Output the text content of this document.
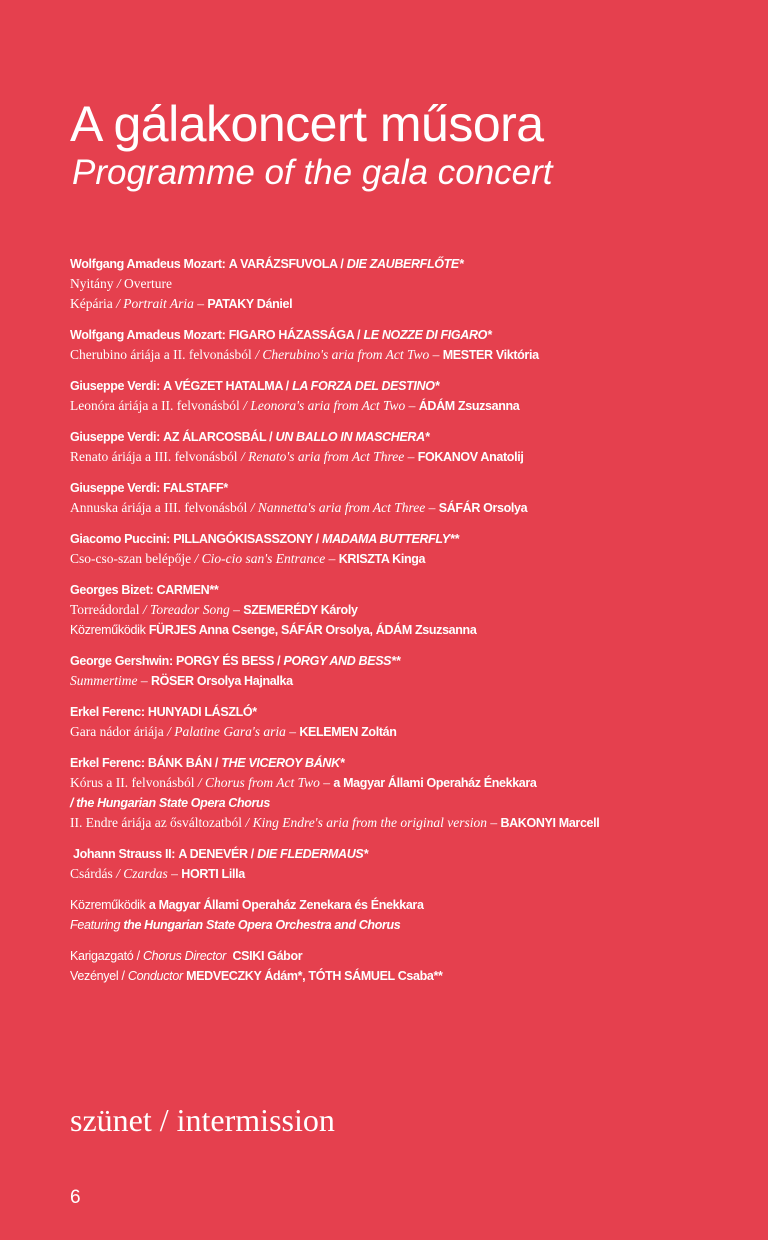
A gálakoncert műsora
Programme of the gala concert
Wolfgang Amadeus Mozart: A VARÁZSFUVOLA / DIE ZAUBERFLŐTE*
Nyitány / Overture
Képária / Portrait Aria – PATAKY Dániel
Wolfgang Amadeus Mozart: FIGARO HÁZASSÁGA / LE NOZZE DI FIGARO*
Cherubino áriája a II. felvonásból / Cherubino's aria from Act Two – MESTER Viktória
Giuseppe Verdi: A VÉGZET HATALMA / LA FORZA DEL DESTINO*
Leonóra áriája a II. felvonásból / Leonora's aria from Act Two – ÁDÁM Zsuzsanna
Giuseppe Verdi: AZ ÁLARCOSBÁL / UN BALLO IN MASCHERA*
Renato áriája a III. felvonásból / Renato's aria from Act Three – FOKANOV Anatolij
Giuseppe Verdi: FALSTAFF*
Annuska áriája a III. felvonásból / Nannetta's aria from Act Three – SÁFÁR Orsolya
Giacomo Puccini: PILLANGÓKISASSZONY / MADAMA BUTTERFLY**
Cso-cso-szan belépője / Cio-cio san's Entrance – KRISZTA Kinga
Georges Bizet: CARMEN**
Torreádordal / Toreador Song – SZEMERÉDY Károly
Közreműködik FÜRJES Anna Csenge, SÁFÁR Orsolya, ÁDÁM Zsuzsanna
George Gershwin: PORGY ÉS BESS / PORGY AND BESS**
Summertime – RÖSER Orsolya Hajnalka
Erkel Ferenc: HUNYADI LÁSZLÓ*
Gara nádor áriája / Palatine Gara's aria – KELEMEN Zoltán
Erkel Ferenc: BÁNK BÁN / THE VICEROY BÁNK*
Kórus a II. felvonásból / Chorus from Act Two – a Magyar Állami Operaház Énekkara
/ the Hungarian State Opera Chorus
II. Endre áriája az ősváltozatból / King Endre's aria from the original version – BAKONYI Marcell
Johann Strauss II: A DENEVÉR / DIE FLEDERMAUS*
Csárdás / Czardas – HORTI Lilla
Közreműködik a Magyar Állami Operaház Zenekara és Énekkara
Featuring the Hungarian State Opera Orchestra and Chorus
Karigazgató / Chorus Director CSIKI Gábor
Vezényel / Conductor MEDVECZKY Ádám*, TÓTH SÁMUEL Csaba**
szünet / intermission
6
